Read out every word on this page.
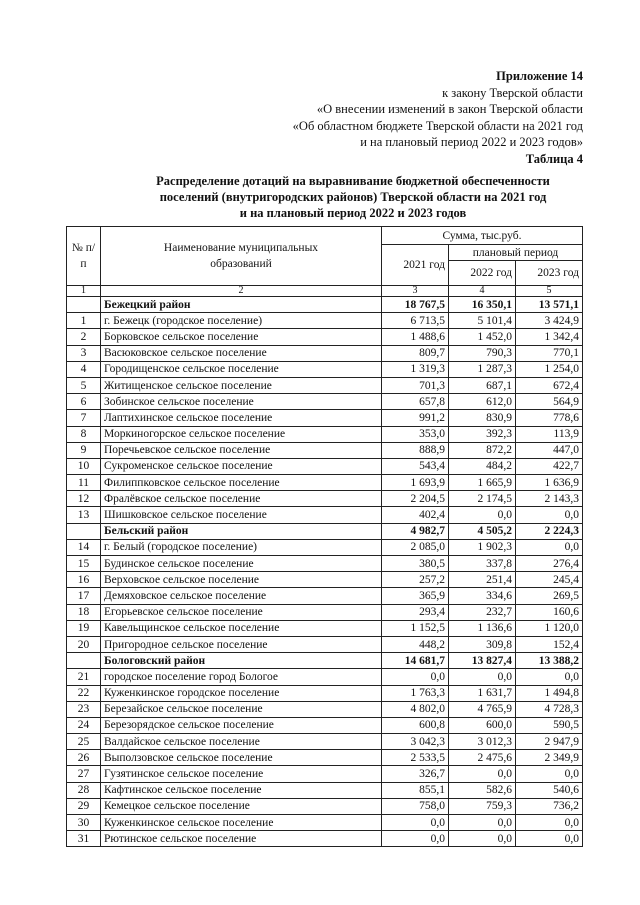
Приложение 14
к закону Тверской области
«О внесении изменений в закон Тверской области
«Об областном бюджете Тверской области на 2021 год
и на плановый период 2022 и 2023 годов»
Таблица 4
Распределение дотаций на выравнивание бюджетной обеспеченности
поселений (внутригородских районов) Тверской области на 2021 год
и на плановый период 2022 и 2023 годов
№ п/п	Наименование муниципальных образований	Сумма, тыс.руб.		
		2021 год	плановый период	
			2022 год	2023 год
1	2	3	4	5
	Бежецкий район	18 767,5	16 350,1	13 571,1
1	г. Бежецк (городское поселение)	6 713,5	5 101,4	3 424,9
2	Борковское сельское поселение	1 488,6	1 452,0	1 342,4
3	Васюковское сельское поселение	809,7	790,3	770,1
4	Городищенское сельское поселение	1 319,3	1 287,3	1 254,0
5	Житищенское сельское поселение	701,3	687,1	672,4
6	Зобинское сельское поселение	657,8	612,0	564,9
7	Лаптихинское сельское поселение	991,2	830,9	778,6
8	Моркиногорское сельское поселение	353,0	392,3	113,9
9	Поречьевское сельское поселение	888,9	872,2	447,0
10	Сукроменское сельское поселение	543,4	484,2	422,7
11	Филиппковское сельское поселение	1 693,9	1 665,9	1 636,9
12	Фралёвское сельское поселение	2 204,5	2 174,5	2 143,3
13	Шишковское сельское поселение	402,4	0,0	0,0
	Бельский район	4 982,7	4 505,2	2 224,3
14	г. Белый (городское поселение)	2 085,0	1 902,3	0,0
15	Будинское сельское поселение	380,5	337,8	276,4
16	Верховское сельское поселение	257,2	251,4	245,4
17	Демяховское сельское поселение	365,9	334,6	269,5
18	Егорьевское сельское поселение	293,4	232,7	160,6
19	Кавельщинское сельское поселение	1 152,5	1 136,6	1 120,0
20	Пригородное сельское поселение	448,2	309,8	152,4
	Бологовский район	14 681,7	13 827,4	13 388,2
21	городское поселение город Бологое	0,0	0,0	0,0
22	Куженкинское городское поселение	1 763,3	1 631,7	1 494,8
23	Березайское сельское поселение	4 802,0	4 765,9	4 728,3
24	Березорядское сельское поселение	600,8	600,0	590,5
25	Валдайское сельское поселение	3 042,3	3 012,3	2 947,9
26	Выползовское сельское поселение	2 533,5	2 475,6	2 349,9
27	Гузятинское сельское поселение	326,7	0,0	0,0
28	Кафтинское сельское поселение	855,1	582,6	540,6
29	Кемецкое сельское поселение	758,0	759,3	736,2
30	Куженкинское сельское поселение	0,0	0,0	0,0
31	Рютинское сельское поселение	0,0	0,0	0,0
